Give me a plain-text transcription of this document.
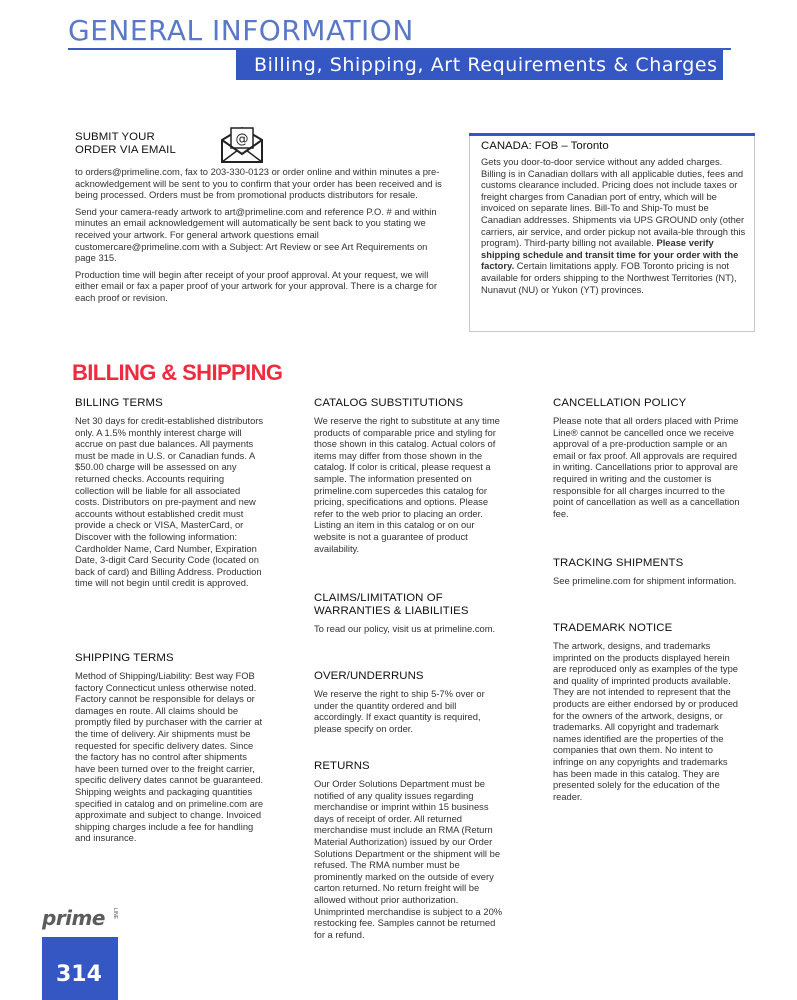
GENERAL INFORMATION
Billing, Shipping, Art Requirements & Charges
SUBMIT YOUR
ORDER VIA EMAIL
@

to orders@primeline.com, fax to 203-330-0123 or order online and within minutes a pre-acknowledgement will be sent to you to confirm that your order has been received and is being processed. Orders must be from promotional products distributors for resale.

Send your camera-ready artwork to art@primeline.com and reference P.O. # and within minutes an email acknowledgement will automatically be sent back to you stating we received your artwork. For general artwork questions email customercare@primeline.com with a Subject: Art Review or see Art Requirements on page 315.

Production time will begin after receipt of your proof approval. At your request, we will either email or fax a paper proof of your artwork for your approval. There is a charge for each proof or revision.

CANADA: FOB – Toronto

Gets you door-to-door service without any added charges. Billing is in Canadian dollars with all applicable duties, fees and customs clearance included. Pricing does not include taxes or freight charges from Canadian port of entry, which will be invoiced on separate lines. Bill-To and Ship-To must be Canadian addresses. Shipments via UPS GROUND only (other carriers, air service, and order pickup not availa-ble through this program). Third-party billing not available. Please verify shipping schedule and transit time for your order with the factory. Certain limitations apply. FOB Toronto pricing is not available for orders shipping to the Northwest Territories (NT), Nunavut (NU) or Yukon (YT) provinces.

BILLING & SHIPPING
BILLING TERMS

Net 30 days for credit-established distributors only. A 1.5% monthly interest charge will accrue on past due balances. All payments must be made in U.S. or Canadian funds. A $50.00 charge will be assessed on any returned checks. Accounts requiring collection will be liable for all associated costs. Distributors on pre-payment and new accounts without established credit must provide a check or VISA, MasterCard, or Discover with the following information: Cardholder Name, Card Number, Expiration Date, 3-digit Card Security Code (located on back of card) and Billing Address. Production time will not begin until credit is approved.

SHIPPING TERMS

Method of Shipping/Liability: Best way FOB factory Connecticut unless otherwise noted. Factory cannot be responsible for delays or damages en route. All claims should be promptly filed by purchaser with the carrier at the time of delivery. Air shipments must be requested for specific delivery dates. Since the factory has no control after shipments have been turned over to the freight carrier, specific delivery dates cannot be guaranteed. Shipping weights and packaging quantities specified in catalog and on primeline.com are approximate and subject to change. Invoiced shipping charges include a fee for handling and insurance.

CATALOG SUBSTITUTIONS

We reserve the right to substitute at any time products of comparable price and styling for those shown in this catalog. Actual colors of items may differ from those shown in the catalog. If color is critical, please request a sample. The information presented on primeline.com supercedes this catalog for pricing, specifications and options. Please refer to the web prior to placing an order. Listing an item in this catalog or on our website is not a guarantee of product availability.

CLAIMS/LIMITATION OF
WARRANTIES & LIABILITIES

To read our policy, visit us at primeline.com.

OVER/UNDERRUNS

We reserve the right to ship 5-7% over or under the quantity ordered and bill accordingly. If exact quantity is required, please specify on order.

RETURNS

Our Order Solutions Department must be notified of any quality issues regarding merchandise or imprint within 15 business days of receipt of order. All returned merchandise must include an RMA (Return Material Authorization) issued by our Order Solutions Department or the shipment will be refused. The RMA number must be prominently marked on the outside of every carton returned. No return freight will be allowed without prior authorization. Unimprinted merchandise is subject to a 20% restocking fee. Samples cannot be returned for a refund.

CANCELLATION POLICY

Please note that all orders placed with Prime Line® cannot be cancelled once we receive approval of a pre-production sample or an email or fax proof. All approvals are required in writing. Cancellations prior to approval are required in writing and the customer is responsible for all charges incurred to the point of cancellation as well as a cancellation fee.

TRACKING SHIPMENTS

See primeline.com for shipment information.

TRADEMARK NOTICE

The artwork, designs, and trademarks imprinted on the products displayed herein are reproduced only as examples of the type and quality of imprinted products available. They are not intended to represent that the products are either endorsed by or produced for the owners of the artwork, designs, or trademarks. All copyright and trademark names identified are the properties of the companies that own them. No intent to infringe on any copyrights and trademarks has been made in this catalog. They are presented solely for the education of the reader.

prime LINE
314
